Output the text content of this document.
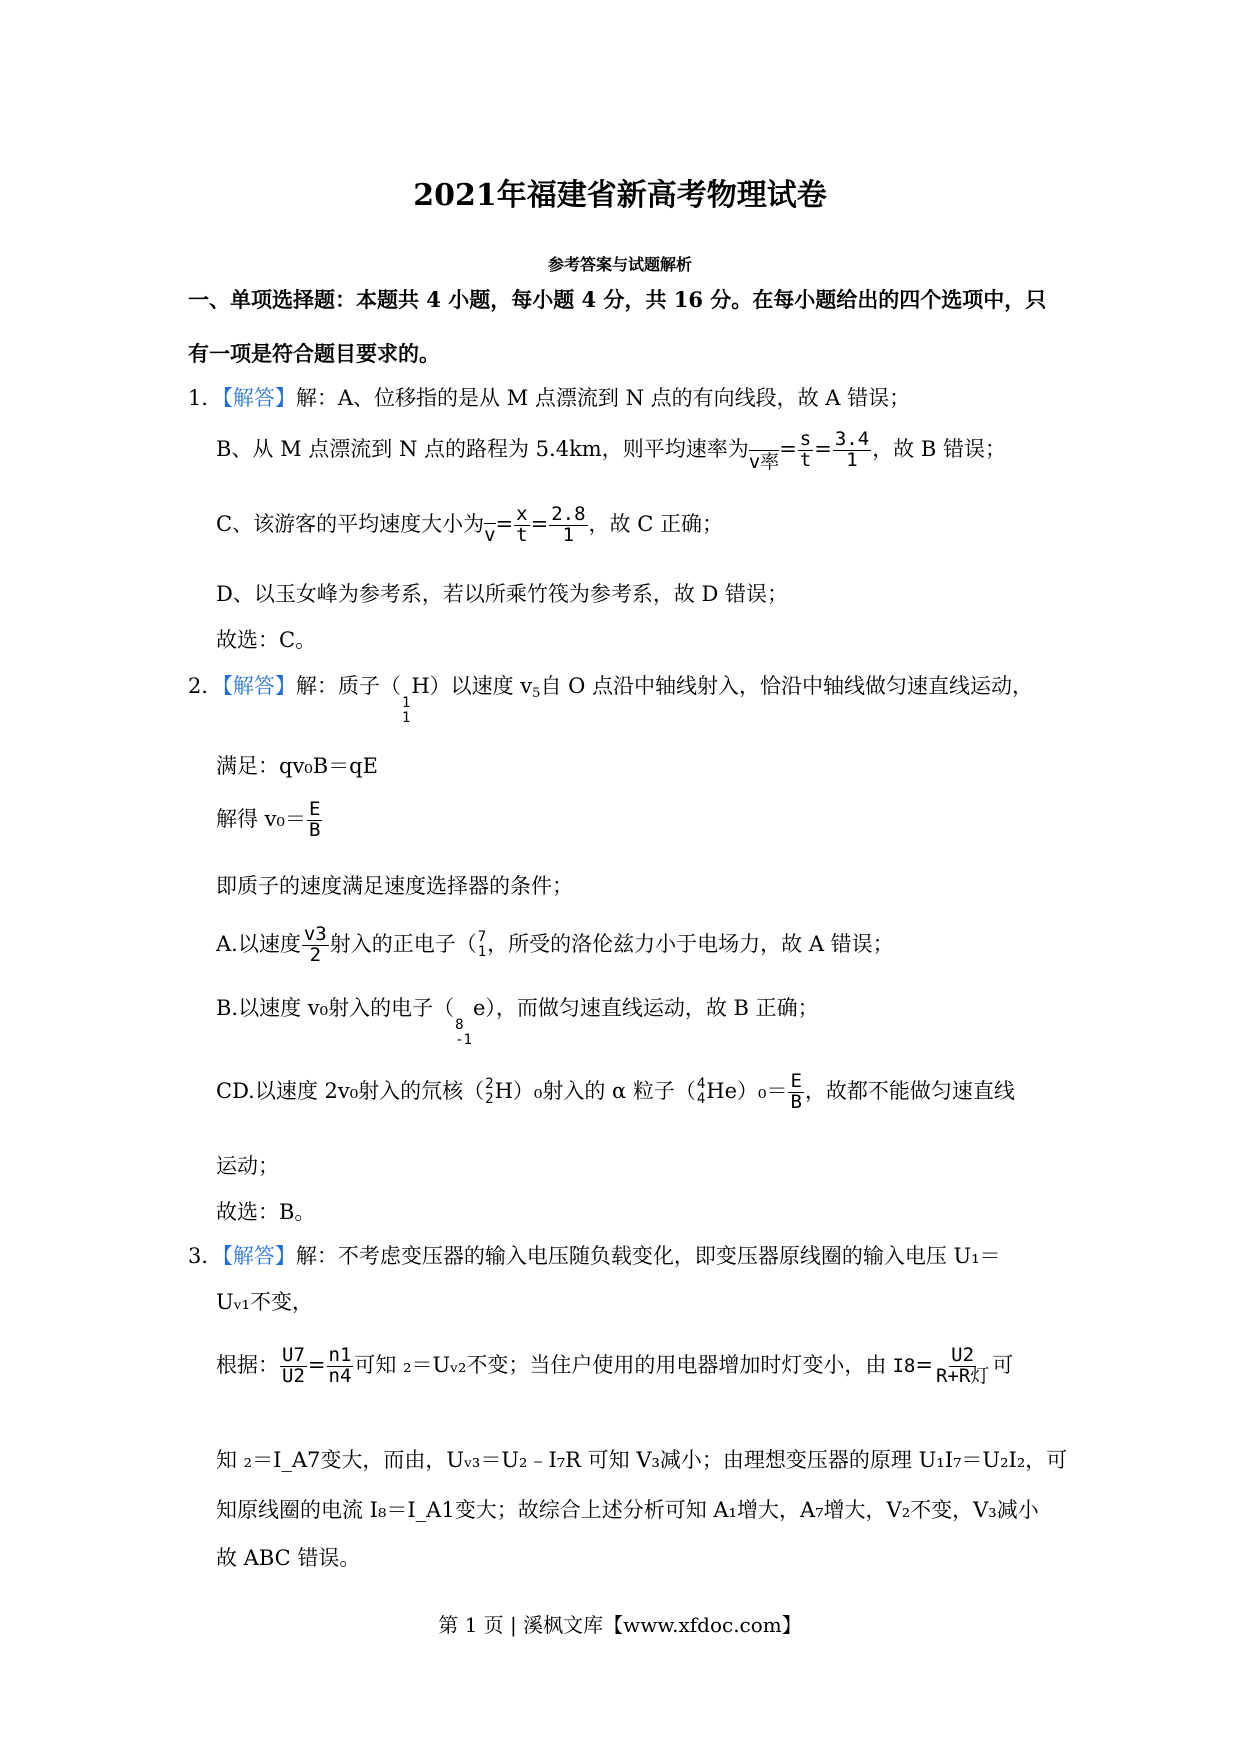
2021年福建省新高考物理试卷
参考答案与试题解析
一、单项选择题：本题共 4 小题，每小题 4 分，共 16 分。在每小题给出的四个选项中，只
有一项是符合题目要求的。
1．【解答】解：A、位移指的是从 M 点漂流到 N 点的有向线段，故 A 错误；
B、从 M 点漂流到 N 点的路程为 5.4km，则平均速率为v率= $\frac{s}{t} = \frac{3.4}{1}$ ，故 B 错误；
C、该游客的平均速度大小为$v= \frac{x}{t} = \frac{2.8}{1}$ ，故 C 正确；
D、以玉女峰为参考系，若以所乘竹筏为参考系，故 D 错误；
故选：C。
2．【解答】解：质子（
1
1
H）以速度 $v_5$自 O 点沿中轴线射入，恰沿中轴线做匀速直线运动，
满足：qv₀B＝qE
解得 $v_0= \frac{E}{B}$
即质子的速度满足速度选择器的条件；
A.以速度 $\frac{v3}{2}$ 射入的正电子（ 7
1 ，所受的洛伦兹力小于电场力，故 A 错误；
B.以速度 v₀射入的电子（
8
-1
e），而做匀速直线运动，故 B 正确；
CD.以速度 2v₀射入的氘核（ 2
2 H）₀射入的 α 粒子（ 4
4 $He)_0= \frac{E}{B}$ ，故都不能做匀速直线
运动；
故选：B。
3．【解答】解：不考虑变压器的输入电压随负载变化，即变压器原线圈的输入电压 U₁＝
Uᵥ₁不变，
根据： $\frac{U7}{U2} = \frac{n1}{n4}$ 可知 ₂＝Uᵥ₂不变；当住户使用的用电器增加时灯变小，由 $I8= \frac{U2}{\text{R+R灯}}$ 可
知 ₂＝I_A7变大，而由，Uᵥ₃＝U₂﹣I₇R 可知 V₃减小；由理想变压器的原理 U₁I₇＝U₂I₂，可
知原线圈的电流 I₈＝I_A1变大；故综合上述分析可知 A₁增大，A₇增大，V₂不变，V₃减小
故 ABC 错误。
第 1 页 | 溪枫文库【www.xfdoc.com】
